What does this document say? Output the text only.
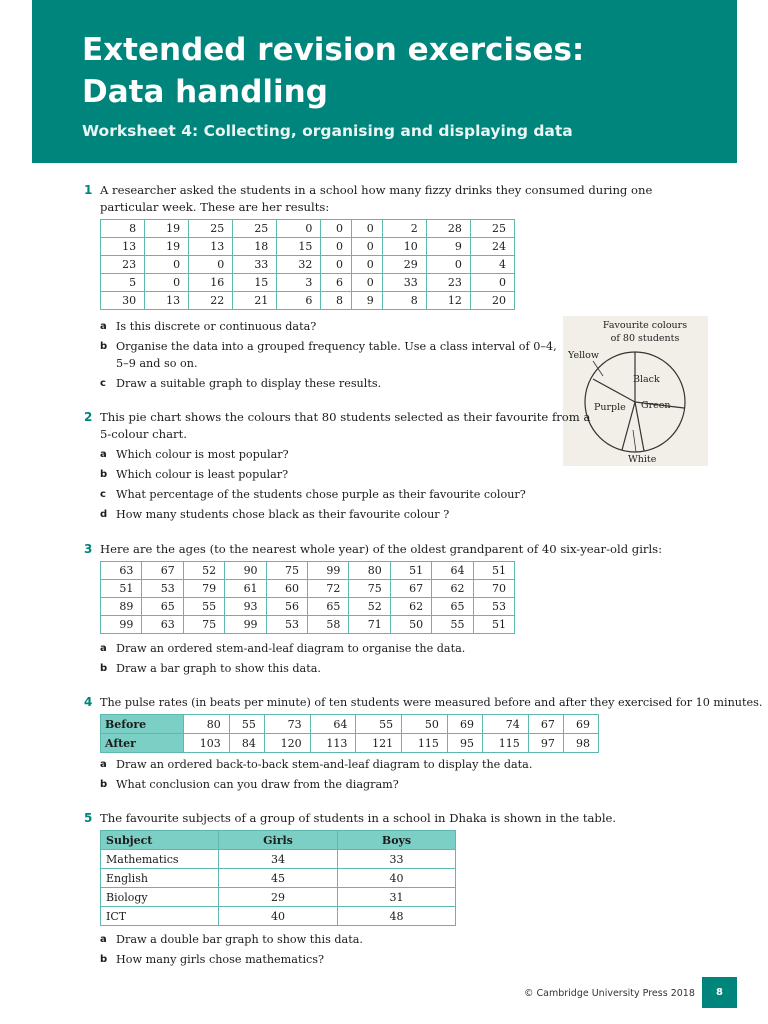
Extended revision exercises:
Data handling
Worksheet 4: Collecting, organising and displaying data
1 A researcher asked the students in a school how many fizzy drinks they consumed during one particular week. These are her results:
8	19	25	25	0	0	0	2	28	25
13	19	13	18	15	0	0	10	9	24
23	0	0	33	32	0	0	29	0	4
5	0	16	15	3	6	0	33	23	0
30	13	22	21	6	8	9	8	12	20
a Is this discrete or continuous data?
b Organise the data into a grouped frequency table. Use a class interval of 0–4,
5–9 and so on.
c Draw a suitable graph to display these results.
Favourite colours
of 80 students
Yellow
Black
Purple Green
White
2 This pie chart shows the colours that 80 students selected as their favourite from a
5-colour chart.
a Which colour is most popular?
b Which colour is least popular?
c What percentage of the students chose purple as their favourite colour?
d How many students chose black as their favourite colour ?
3 Here are the ages (to the nearest whole year) of the oldest grandparent of 40 six-year-old girls:
63	67	52	90	75	99	80	51	64	51
51	53	79	61	60	72	75	67	62	70
89	65	55	93	56	65	52	62	65	53
99	63	75	99	53	58	71	50	55	51
a Draw an ordered stem-and-leaf diagram to organise the data.
b Draw a bar graph to show this data.
4 The pulse rates (in beats per minute) of ten students were measured before and after they exercised for 10 minutes.
Before	80	55	73	64	55	50	69	74	67	69
After	103	84	120	113	121	115	95	115	97	98
a Draw an ordered back-to-back stem-and-leaf diagram to display the data.
b What conclusion can you draw from the diagram?
5 The favourite subjects of a group of students in a school in Dhaka is shown in the table.
Subject	Girls	Boys
Mathematics	34	33
English	45	40
Biology	29	31
ICT	40	48
a Draw a double bar graph to show this data.
b How many girls chose mathematics?
© Cambridge University Press 2018	8
